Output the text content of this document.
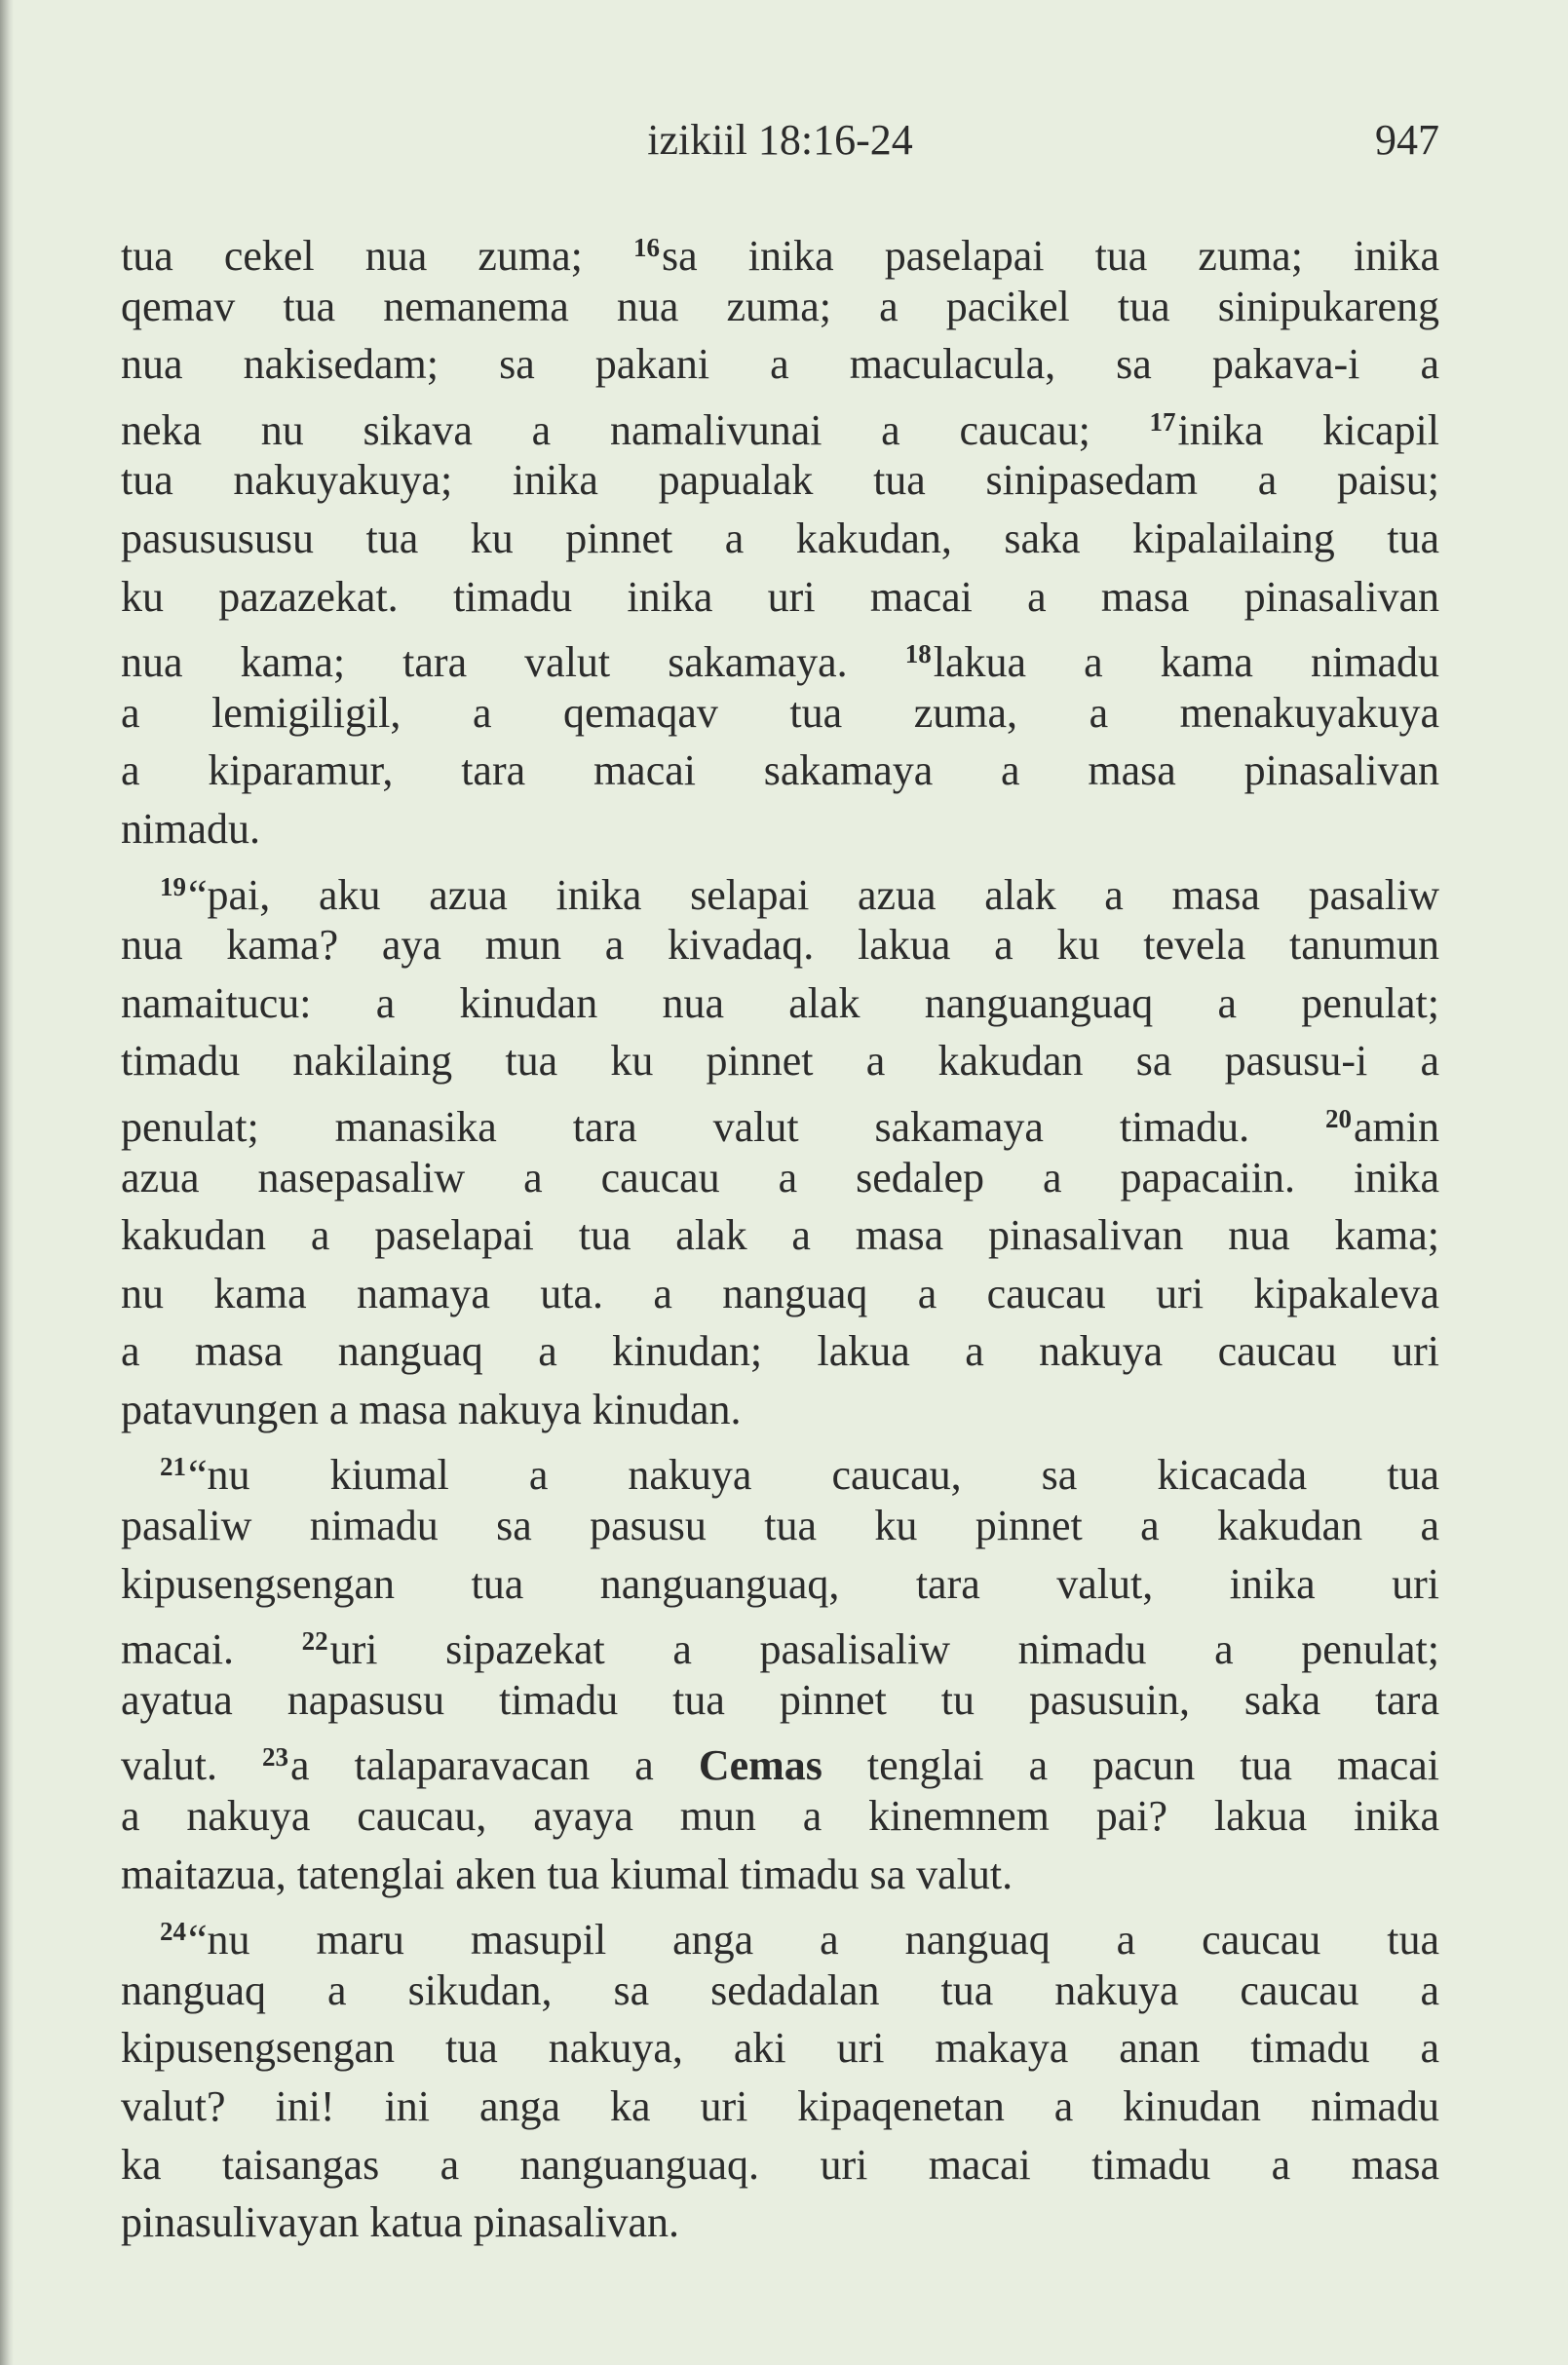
izikiil 18:16-24	947
tua cekel nua zuma; $^{16}$sa inika paselapai tua zuma; inika
qemav tua nemanema nua zuma; a pacikel tua sinipukareng
nua nakisedam; sa pakani a maculacula, sa pakava-i a
neka nu sikava a namalivunai a caucau; $^{17}$inika kicapil
tua nakuyakuya; inika papualak tua sinipasedam a paisu;
pasusususu tua ku pinnet a kakudan, saka kipalailaing tua
ku pazazekat. timadu inika uri macai a masa pinasalivan
nua kama; tara valut sakamaya. $^{18}$lakua a kama nimadu
a lemigiligil, a qemaqav tua zuma, a menakuyakuya
a kiparamur, tara macai sakamaya a masa pinasalivan
nimadu.
$^{19}$“pai, aku azua inika selapai azua alak a masa pasaliw
nua kama? aya mun a kivadaq. lakua a ku tevela tanumun
namaitucu: a kinudan nua alak nanguanguaq a penulat;
timadu nakilaing tua ku pinnet a kakudan sa pasusu-i a
penulat; manasika tara valut sakamaya timadu. $^{20}$amin
azua nasepasaliw a caucau a sedalep a papacaiin. inika
kakudan a paselapai tua alak a masa pinasalivan nua kama;
nu kama namaya uta. a nanguaq a caucau uri kipakaleva
a masa nanguaq a kinudan; lakua a nakuya caucau uri
patavungen a masa nakuya kinudan.
$^{21}$“nu kiumal a nakuya caucau, sa kicacada tua
pasaliw nimadu sa pasusu tua ku pinnet a kakudan a
kipusengsengan tua nanguanguaq, tara valut, inika uri
macai. $^{22}$uri sipazekat a pasalisaliw nimadu a penulat;
ayatua napasusu timadu tua pinnet tu pasusuin, saka tara
valut. $^{23}$a talaparavacan a Cemas tenglai a pacun tua macai
a nakuya caucau, ayaya mun a kinemnem pai? lakua inika
maitazua, tatenglai aken tua kiumal timadu sa valut.
$^{24}$“nu maru masupil anga a nanguaq a caucau tua
nanguaq a sikudan, sa sedadalan tua nakuya caucau a
kipusengsengan tua nakuya, aki uri makaya anan timadu a
valut? ini! ini anga ka uri kipaqenetan a kinudan nimadu
ka taisangas a nanguanguaq. uri macai timadu a masa
pinasulivayan katua pinasalivan.
